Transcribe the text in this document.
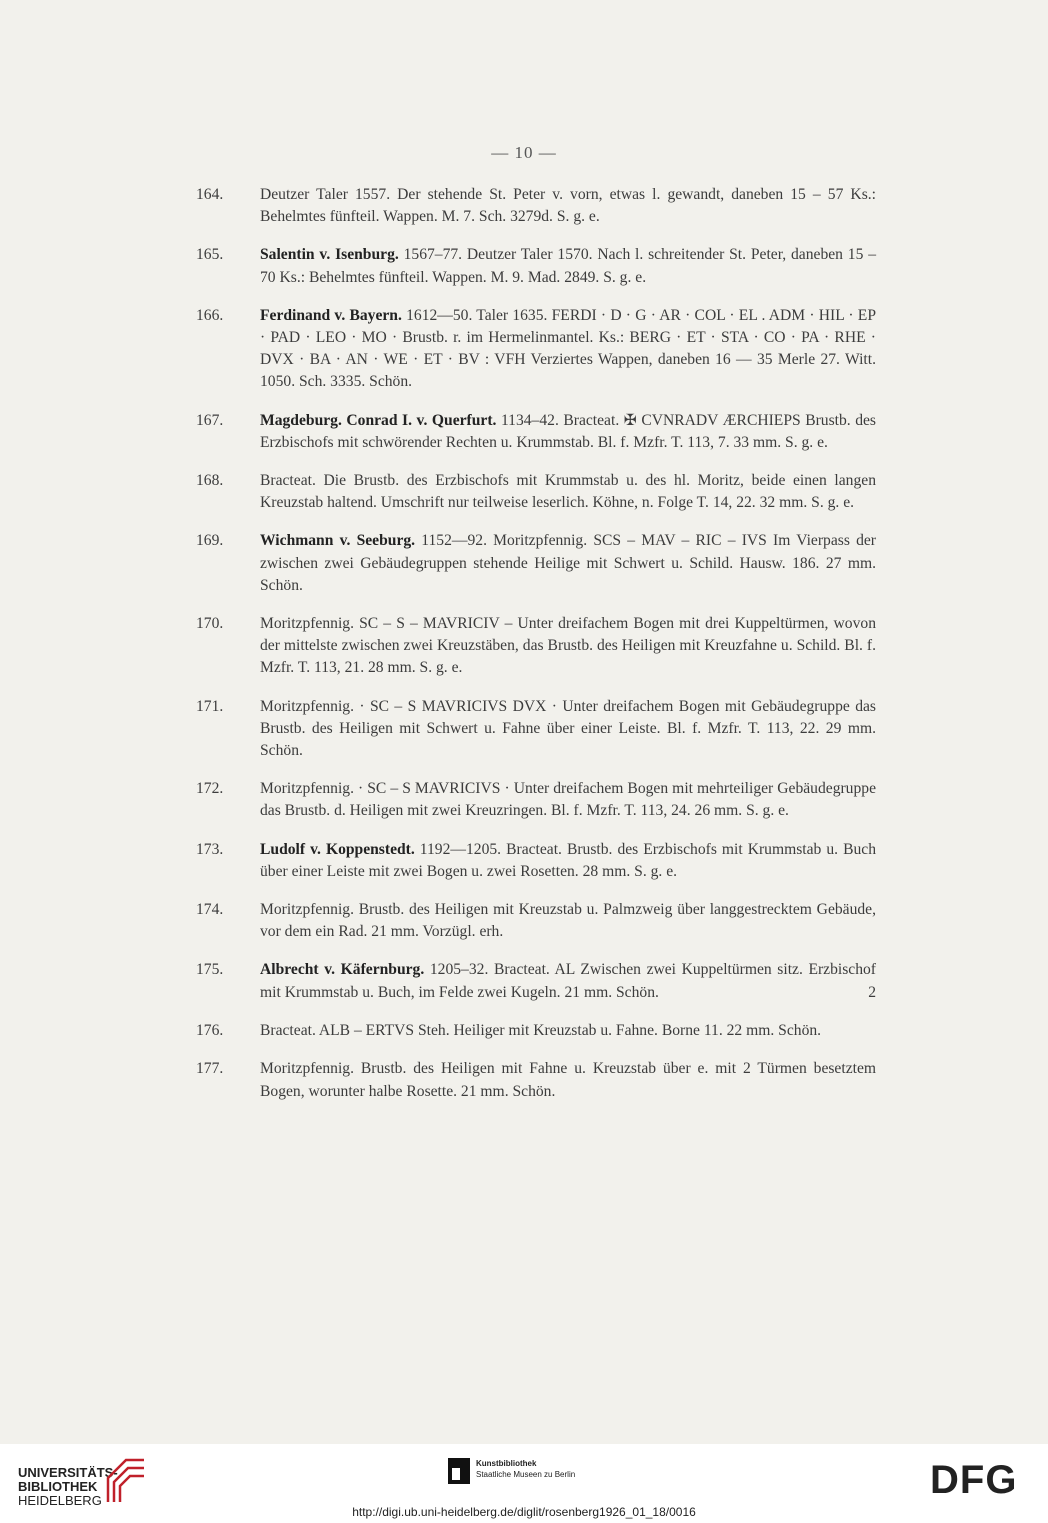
— 10 —
164. Deutzer Taler 1557. Der stehende St. Peter v. vorn, etwas l. gewandt, daneben 15 – 57 Ks.: Behelmtes fünfteil. Wappen. M. 7. Sch. 3279d. S. g. e.
165. Salentin v. Isenburg. 1567–77. Deutzer Taler 1570. Nach l. schreitender St. Peter, daneben 15 – 70 Ks.: Behelmtes fünfteil. Wappen. M. 9. Mad. 2849. S. g. e.
166. Ferdinand v. Bayern. 1612—50. Taler 1635. FERDI · D · G · AR · COL · EL . ADM · HIL · EP · PAD · LEO · MO · Brustb. r. im Hermelinmantel. Ks.: BERG · ET · STA · CO · PA · RHE · DVX · BA · AN · WE · ET · BV : VFH Verziertes Wappen, daneben 16 — 35 Merle 27. Witt. 1050. Sch. 3335. Schön.
167. Magdeburg. Conrad I. v. Querfurt. 1134–42. Bracteat. ✠ CVNRADV ÆRCHIEPS Brustb. des Erzbischofs mit schwörender Rechten u. Krummstab. Bl. f. Mzfr. T. 113, 7. 33 mm. S. g. e.
168. Bracteat. Die Brustb. des Erzbischofs mit Krummstab u. des hl. Moritz, beide einen langen Kreuzstab haltend. Umschrift nur teilweise leserlich. Köhne, n. Folge T. 14, 22. 32 mm. S. g. e.
169. Wichmann v. Seeburg. 1152—92. Moritzpfennig. SCS – MAV – RIC – IVS Im Vierpass der zwischen zwei Gebäudegruppen stehende Heilige mit Schwert u. Schild. Hausw. 186. 27 mm. Schön.
170. Moritzpfennig. SC – S – MAVRICIV – Unter dreifachem Bogen mit drei Kuppeltürmen, wovon der mittelste zwischen zwei Kreuzstäben, das Brustb. des Heiligen mit Kreuzfahne u. Schild. Bl. f. Mzfr. T. 113, 21. 28 mm. S. g. e.
171. Moritzpfennig. · SC – S MAVRICIVS DVX · Unter dreifachem Bogen mit Gebäudegruppe das Brustb. des Heiligen mit Schwert u. Fahne über einer Leiste. Bl. f. Mzfr. T. 113, 22. 29 mm. Schön.
172. Moritzpfennig. · SC – S MAVRICIVS · Unter dreifachem Bogen mit mehrteiliger Gebäudegruppe das Brustb. d. Heiligen mit zwei Kreuzringen. Bl. f. Mzfr. T. 113, 24. 26 mm. S. g. e.
173. Ludolf v. Koppenstedt. 1192—1205. Bracteat. Brustb. des Erzbischofs mit Krummstab u. Buch über einer Leiste mit zwei Bogen u. zwei Rosetten. 28 mm. S. g. e.
174. Moritzpfennig. Brustb. des Heiligen mit Kreuzstab u. Palmzweig über langgestrecktem Gebäude, vor dem ein Rad. 21 mm. Vorzügl. erh.
175. Albrecht v. Käfernburg. 1205–32. Bracteat. AL Zwischen zwei Kuppeltürmen sitz. Erzbischof mit Krummstab u. Buch, im Felde zwei Kugeln. 21 mm. Schön.	2
176. Bracteat. ALB – ERTVS Steh. Heiliger mit Kreuzstab u. Fahne. Borne 11. 22 mm. Schön.
177. Moritzpfennig. Brustb. des Heiligen mit Fahne u. Kreuzstab über e. mit 2 Türmen besetztem Bogen, worunter halbe Rosette. 21 mm. Schön.
UNIVERSITÄTS-
BIBLIOTHEK
HEIDELBERG
Kunstbibliothek
Staatliche Museen zu Berlin	DFG
http://digi.ub.uni-heidelberg.de/diglit/rosenberg1926_01_18/0016
